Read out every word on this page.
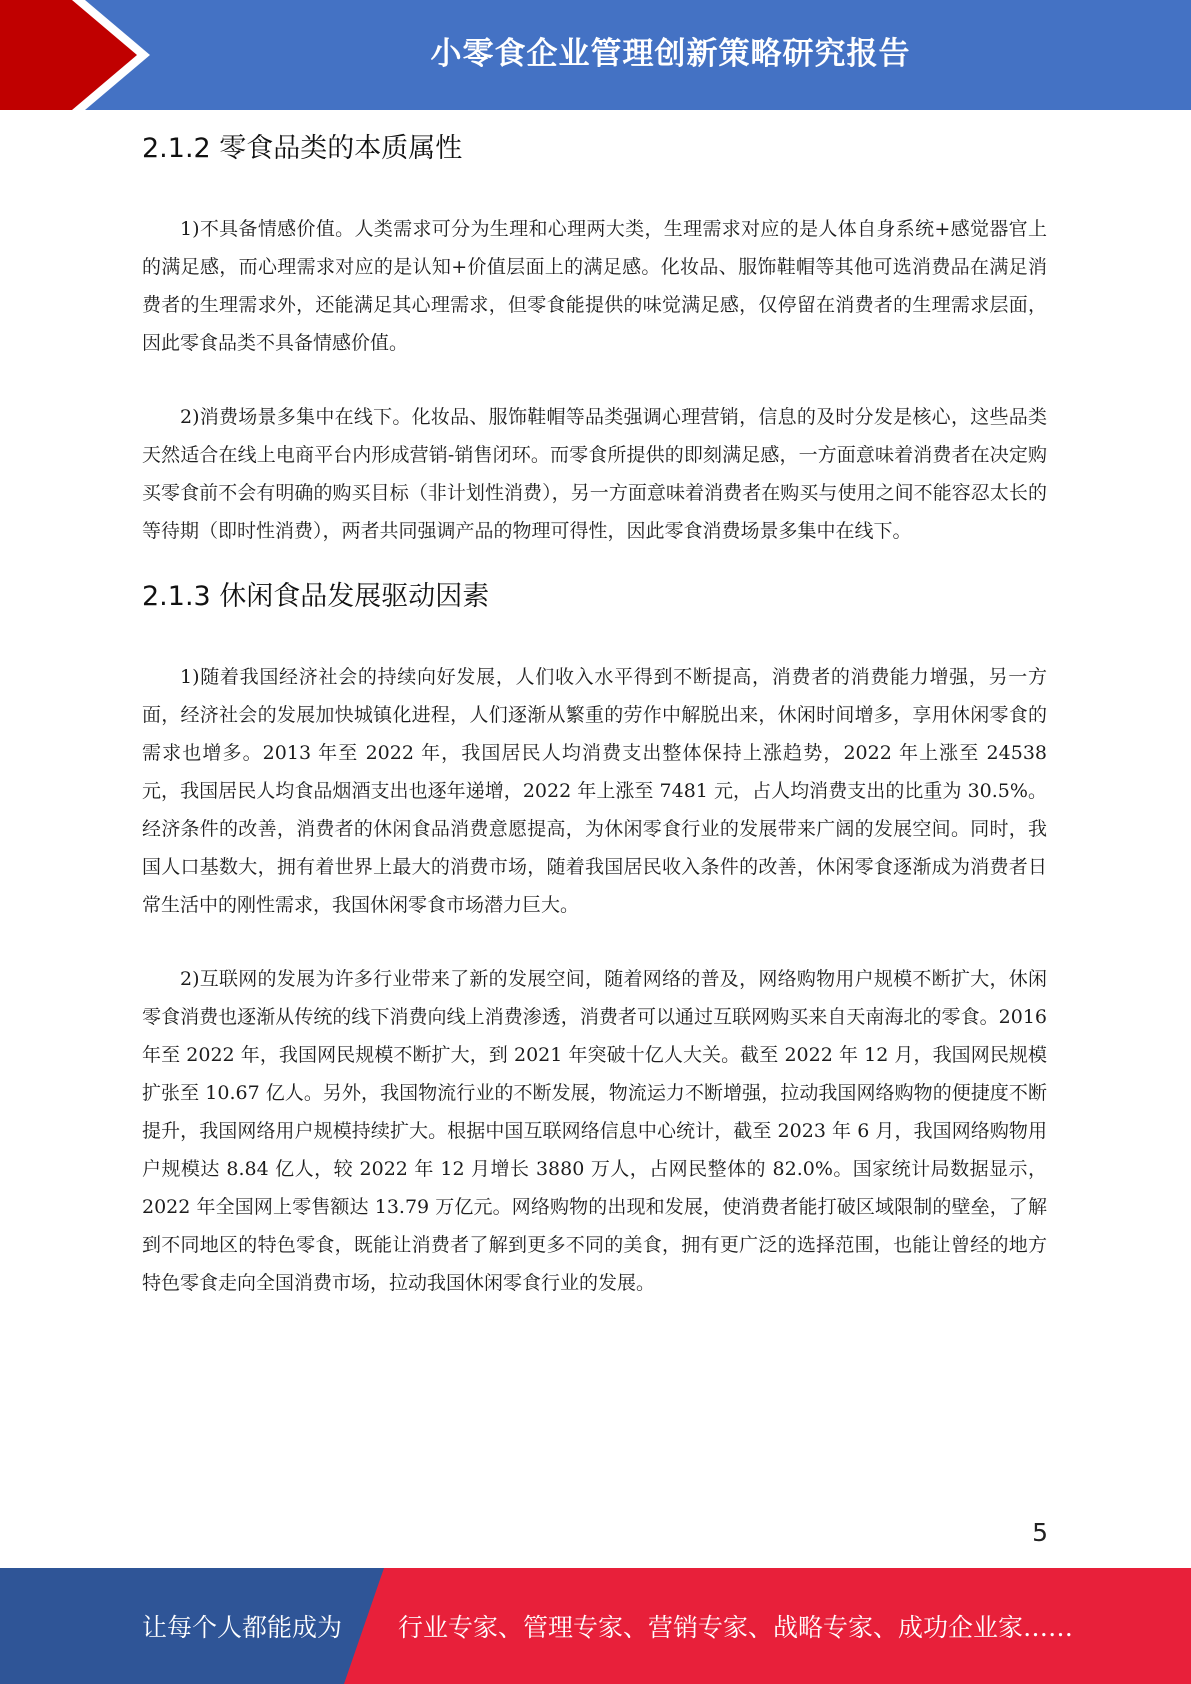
小零食企业管理创新策略研究报告
2.1.2 零食品类的本质属性

1)不具备情感价值。人类需求可分为生理和心理两大类，生理需求对应的是人体自身系统+感觉器官上的满足感，而心理需求对应的是认知+价值层面上的满足感。化妆品、服饰鞋帽等其他可选消费品在满足消费者的生理需求外，还能满足其心理需求，但零食能提供的味觉满足感，仅停留在消费者的生理需求层面，因此零食品类不具备情感价值。

2)消费场景多集中在线下。化妆品、服饰鞋帽等品类强调心理营销，信息的及时分发是核心，这些品类天然适合在线上电商平台内形成营销-销售闭环。而零食所提供的即刻满足感，一方面意味着消费者在决定购买零食前不会有明确的购买目标（非计划性消费），另一方面意味着消费者在购买与使用之间不能容忍太长的等待期（即时性消费），两者共同强调产品的物理可得性，因此零食消费场景多集中在线下。

2.1.3 休闲食品发展驱动因素

1)随着我国经济社会的持续向好发展，人们收入水平得到不断提高，消费者的消费能力增强，另一方面，经济社会的发展加快城镇化进程，人们逐渐从繁重的劳作中解脱出来，休闲时间增多，享用休闲零食的需求也增多。2013 年至 2022 年，我国居民人均消费支出整体保持上涨趋势，2022 年上涨至 24538 元，我国居民人均食品烟酒支出也逐年递增，2022 年上涨至 7481 元，占人均消费支出的比重为 30.5%。经济条件的改善，消费者的休闲食品消费意愿提高，为休闲零食行业的发展带来广阔的发展空间。同时，我国人口基数大，拥有着世界上最大的消费市场，随着我国居民收入条件的改善，休闲零食逐渐成为消费者日常生活中的刚性需求，我国休闲零食市场潜力巨大。

2)互联网的发展为许多行业带来了新的发展空间，随着网络的普及，网络购物用户规模不断扩大，休闲零食消费也逐渐从传统的线下消费向线上消费渗透，消费者可以通过互联网购买来自天南海北的零食。2016 年至 2022 年，我国网民规模不断扩大，到 2021 年突破十亿人大关。截至 2022 年 12 月，我国网民规模扩张至 10.67 亿人。另外，我国物流行业的不断发展，物流运力不断增强，拉动我国网络购物的便捷度不断提升，我国网络用户规模持续扩大。根据中国互联网络信息中心统计，截至 2023 年 6 月，我国网络购物用户规模达 8.84 亿人，较 2022 年 12 月增长 3880 万人，占网民整体的 82.0%。国家统计局数据显示，2022 年全国网上零售额达 13.79 万亿元。网络购物的出现和发展，使消费者能打破区域限制的壁垒，了解到不同地区的特色零食，既能让消费者了解到更多不同的美食，拥有更广泛的选择范围，也能让曾经的地方特色零食走向全国消费市场，拉动我国休闲零食行业的发展。

5
让每个人都能成为 行业专家、管理专家、营销专家、战略专家、成功企业家……
